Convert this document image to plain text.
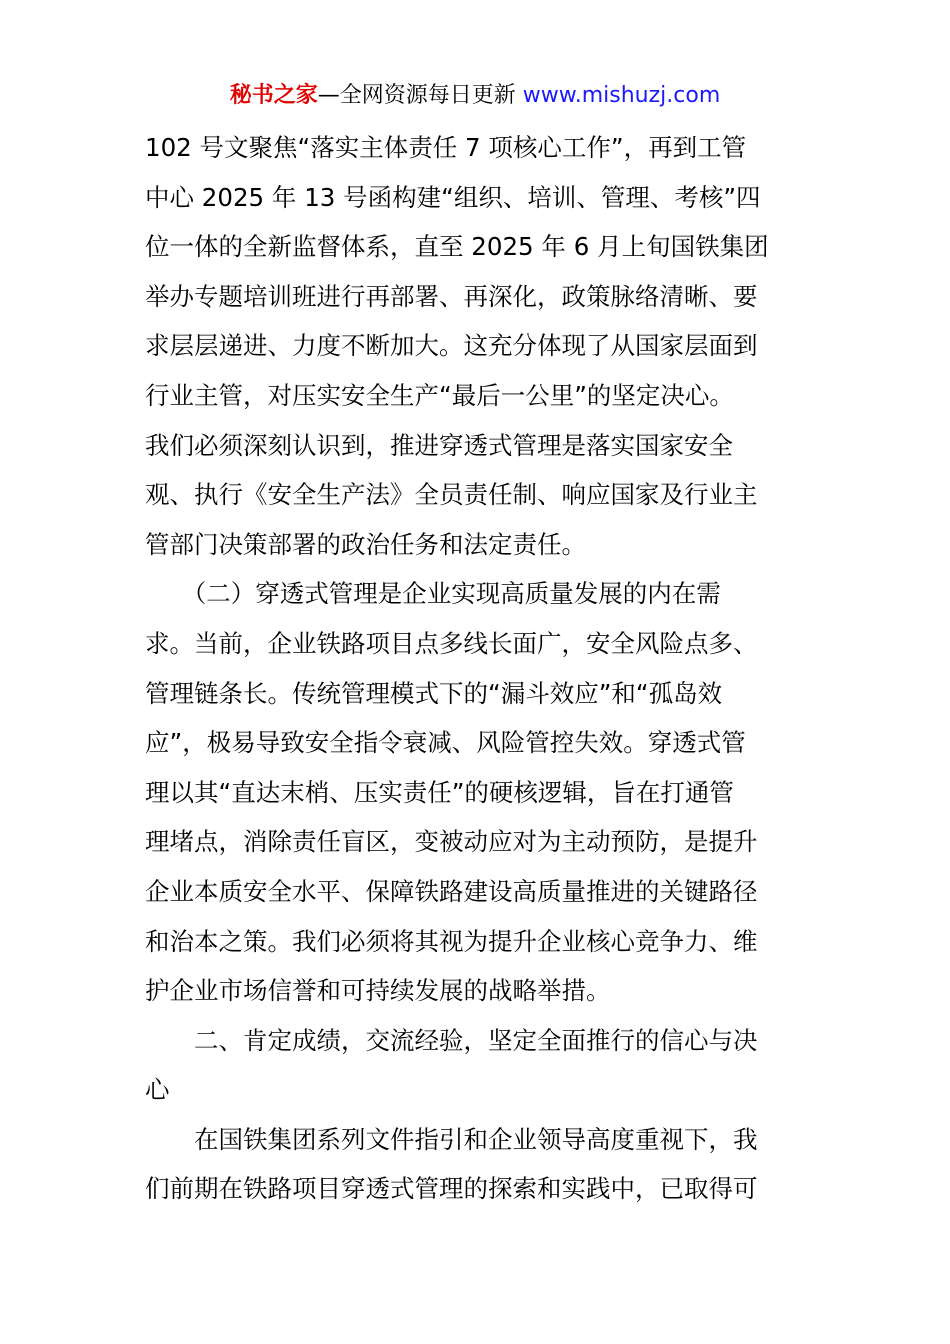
秘书之家—全网资源每日更新 www.mishuzj.com
102 号文聚焦“落实主体责任 7 项核心工作”，再到工管
中心 2025 年 13 号函构建“组织、培训、管理、考核”四
位一体的全新监督体系，直至 2025 年 6 月上旬国铁集团
举办专题培训班进行再部署、再深化，政策脉络清晰、要
求层层递进、力度不断加大。这充分体现了从国家层面到
行业主管，对压实安全生产“最后一公里”的坚定决心。
我们必须深刻认识到，推进穿透式管理是落实国家安全
观、执行《安全生产法》全员责任制、响应国家及行业主
管部门决策部署的政治任务和法定责任。
　　（二）穿透式管理是企业实现高质量发展的内在需
求。当前，企业铁路项目点多线长面广，安全风险点多、
管理链条长。传统管理模式下的“漏斗效应”和“孤岛效
应”，极易导致安全指令衰减、风险管控失效。穿透式管
理以其“直达末梢、压实责任”的硬核逻辑，旨在打通管
理堵点，消除责任盲区，变被动应对为主动预防，是提升
企业本质安全水平、保障铁路建设高质量推进的关键路径
和治本之策。我们必须将其视为提升企业核心竞争力、维
护企业市场信誉和可持续发展的战略举措。
　　二、肯定成绩，交流经验，坚定全面推行的信心与决
心
　　在国铁集团系列文件指引和企业领导高度重视下，我
们前期在铁路项目穿透式管理的探索和实践中，已取得可
